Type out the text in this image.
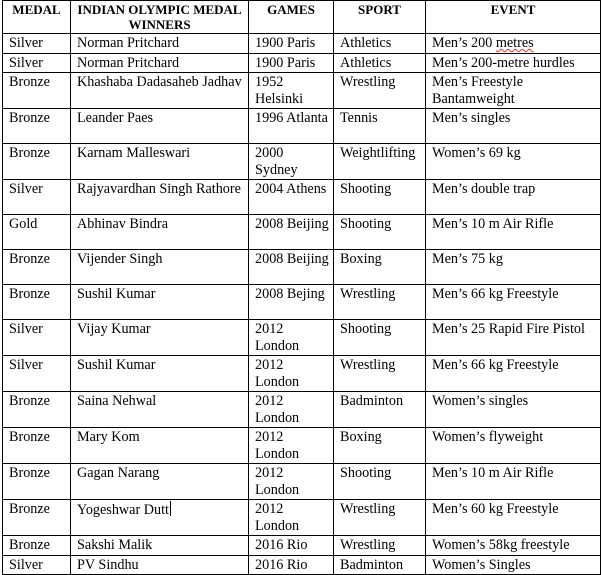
MEDAL	INDIAN OLYMPIC MEDAL WINNERS	GAMES	SPORT	EVENT
Silver	Norman Pritchard	1900 Paris	Athletics	Men’s 200 metres
Silver	Norman Pritchard	1900 Paris	Athletics	Men’s 200-metre hurdles
Bronze	Khashaba Dadasaheb Jadhav	1952 Helsinki	Wrestling	Men’s Freestyle Bantamweight
Bronze	Leander Paes	1996 Atlanta	Tennis	Men’s singles
Bronze	Karnam Malleswari	2000 Sydney	Weightlifting	Women’s 69 kg
Silver	Rajyavardhan Singh Rathore	2004 Athens	Shooting	Men’s double trap
Gold	Abhinav Bindra	2008 Beijing	Shooting	Men’s 10 m Air Rifle
Bronze	Vijender Singh	2008 Beijing	Boxing	Men’s 75 kg
Bronze	Sushil Kumar	2008 Bejing	Wrestling	Men’s 66 kg Freestyle
Silver	Vijay Kumar	2012 London	Shooting	Men’s 25 Rapid Fire Pistol
Silver	Sushil Kumar	2012 London	Wrestling	Men’s 66 kg Freestyle
Bronze	Saina Nehwal	2012 London	Badminton	Women’s singles
Bronze	Mary Kom	2012 London	Boxing	Women’s flyweight
Bronze	Gagan Narang	2012 London	Shooting	Men’s 10 m Air Rifle
Bronze	Yogeshwar Dutt	2012 London	Wrestling	Men’s 60 kg Freestyle
Bronze	Sakshi Malik	2016 Rio	Wrestling	Women’s 58kg freestyle
Silver	PV Sindhu	2016 Rio	Badminton	Women’s Singles
